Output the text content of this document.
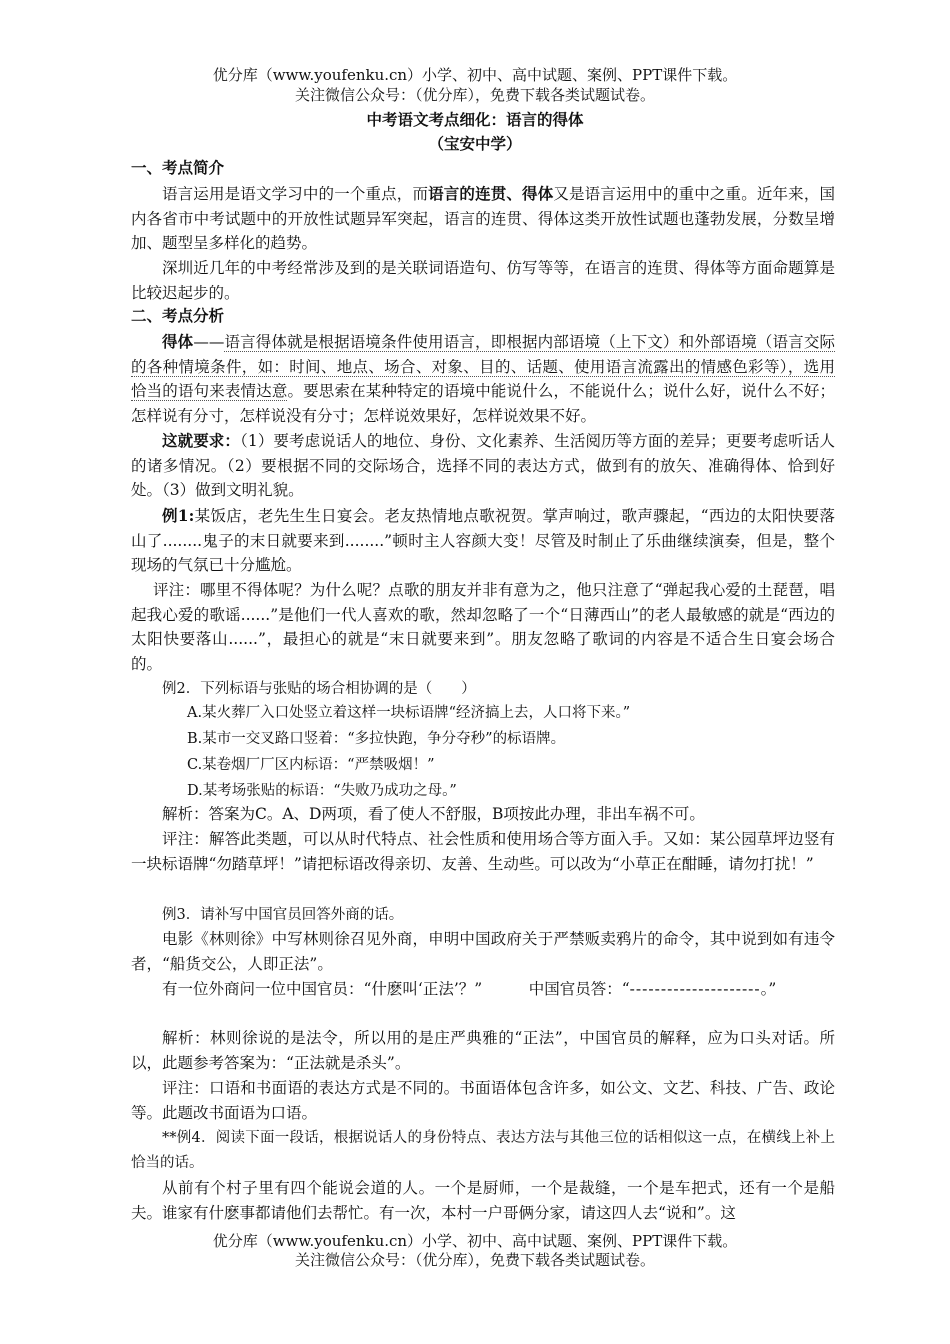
优分库（www.youfenku.cn）小学、初中、高中试题、案例、PPT课件下载。
关注微信公众号：（优分库），免费下载各类试题试卷。
中考语文考点细化：语言的得体
（宝安中学）
一、考点简介
语言运用是语文学习中的一个重点，而语言的连贯、得体又是语言运用中的重中之重。近年来，国内各省市中考试题中的开放性试题异军突起，语言的连贯、得体这类开放性试题也蓬勃发展，分数呈增加、题型呈多样化的趋势。
深圳近几年的中考经常涉及到的是关联词语造句、仿写等等，在语言的连贯、得体等方面命题算是比较迟起步的。
二、考点分析
得体——语言得体就是根据语境条件使用语言，即根据内部语境（上下文）和外部语境（语言交际的各种情境条件，如：时间、地点、场合、对象、目的、话题、使用语言流露出的情感色彩等），选用恰当的语句来表情达意。要思索在某种特定的语境中能说什么，不能说什么；说什么好，说什么不好；怎样说有分寸，怎样说没有分寸；怎样说效果好，怎样说效果不好。
这就要求：（1）要考虑说话人的地位、身份、文化素养、生活阅历等方面的差异；更要考虑听话人的诸多情况。（2）要根据不同的交际场合，选择不同的表达方式，做到有的放矢、准确得体、恰到好处。（3）做到文明礼貌。
例1:某饭店，老先生生日宴会。老友热情地点歌祝贺。掌声响过，歌声骤起，“西边的太阳快要落山了........鬼子的末日就要来到........”顿时主人容颜大变！尽管及时制止了乐曲继续演奏，但是，整个现场的气氛已十分尴尬。
评注：哪里不得体呢？为什么呢？点歌的朋友并非有意为之，他只注意了“弹起我心爱的土琵琶，唱起我心爱的歌谣......”是他们一代人喜欢的歌，然却忽略了一个“日薄西山”的老人最敏感的就是“西边的太阳快要落山......”，最担心的就是“末日就要来到”。朋友忽略了歌词的内容是不适合生日宴会场合的。
例2．下列标语与张贴的场合相协调的是（　　）
A.某火葬厂入口处竖立着这样一块标语牌“经济搞上去，人口将下来。”
B.某市一交叉路口竖着：“多拉快跑，争分夺秒”的标语牌。
C.某卷烟厂厂区内标语：“严禁吸烟！”
D.某考场张贴的标语：“失败乃成功之母。”
解析：答案为C。A、D两项，看了使人不舒服，B项按此办理，非出车祸不可。
评注：解答此类题，可以从时代特点、社会性质和使用场合等方面入手。又如：某公园草坪边竖有一块标语牌“勿踏草坪！”请把标语改得亲切、友善、生动些。可以改为“小草正在酣睡，请勿打扰！”
例3．请补写中国官员回答外商的话。
电影《林则徐》中写林则徐召见外商，申明中国政府关于严禁贩卖鸦片的命令，其中说到如有违令者，“船货交公，人即正法”。
有一位外商问一位中国官员：“什麽叫‘正法’？”　　　	中国官员答：“---------------------。”
解析：林则徐说的是法令，所以用的是庄严典雅的“正法”，中国官员的解释，应为口头对话。所以，此题参考答案为：“正法就是杀头”。
评注：口语和书面语的表达方式是不同的。书面语体包含许多，如公文、文艺、科技、广告、政论等。此题改书面语为口语。
**例4．阅读下面一段话，根据说话人的身份特点、表达方法与其他三位的话相似这一点，在横线上补上恰当的话。
从前有个村子里有四个能说会道的人。一个是厨师，一个是裁缝，一个是车把式，还有一个是船夫。谁家有什麽事都请他们去帮忙。有一次，本村一户哥俩分家，请这四人去“说和”。这
优分库（www.youfenku.cn）小学、初中、高中试题、案例、PPT课件下载。
关注微信公众号：（优分库），免费下载各类试题试卷。
